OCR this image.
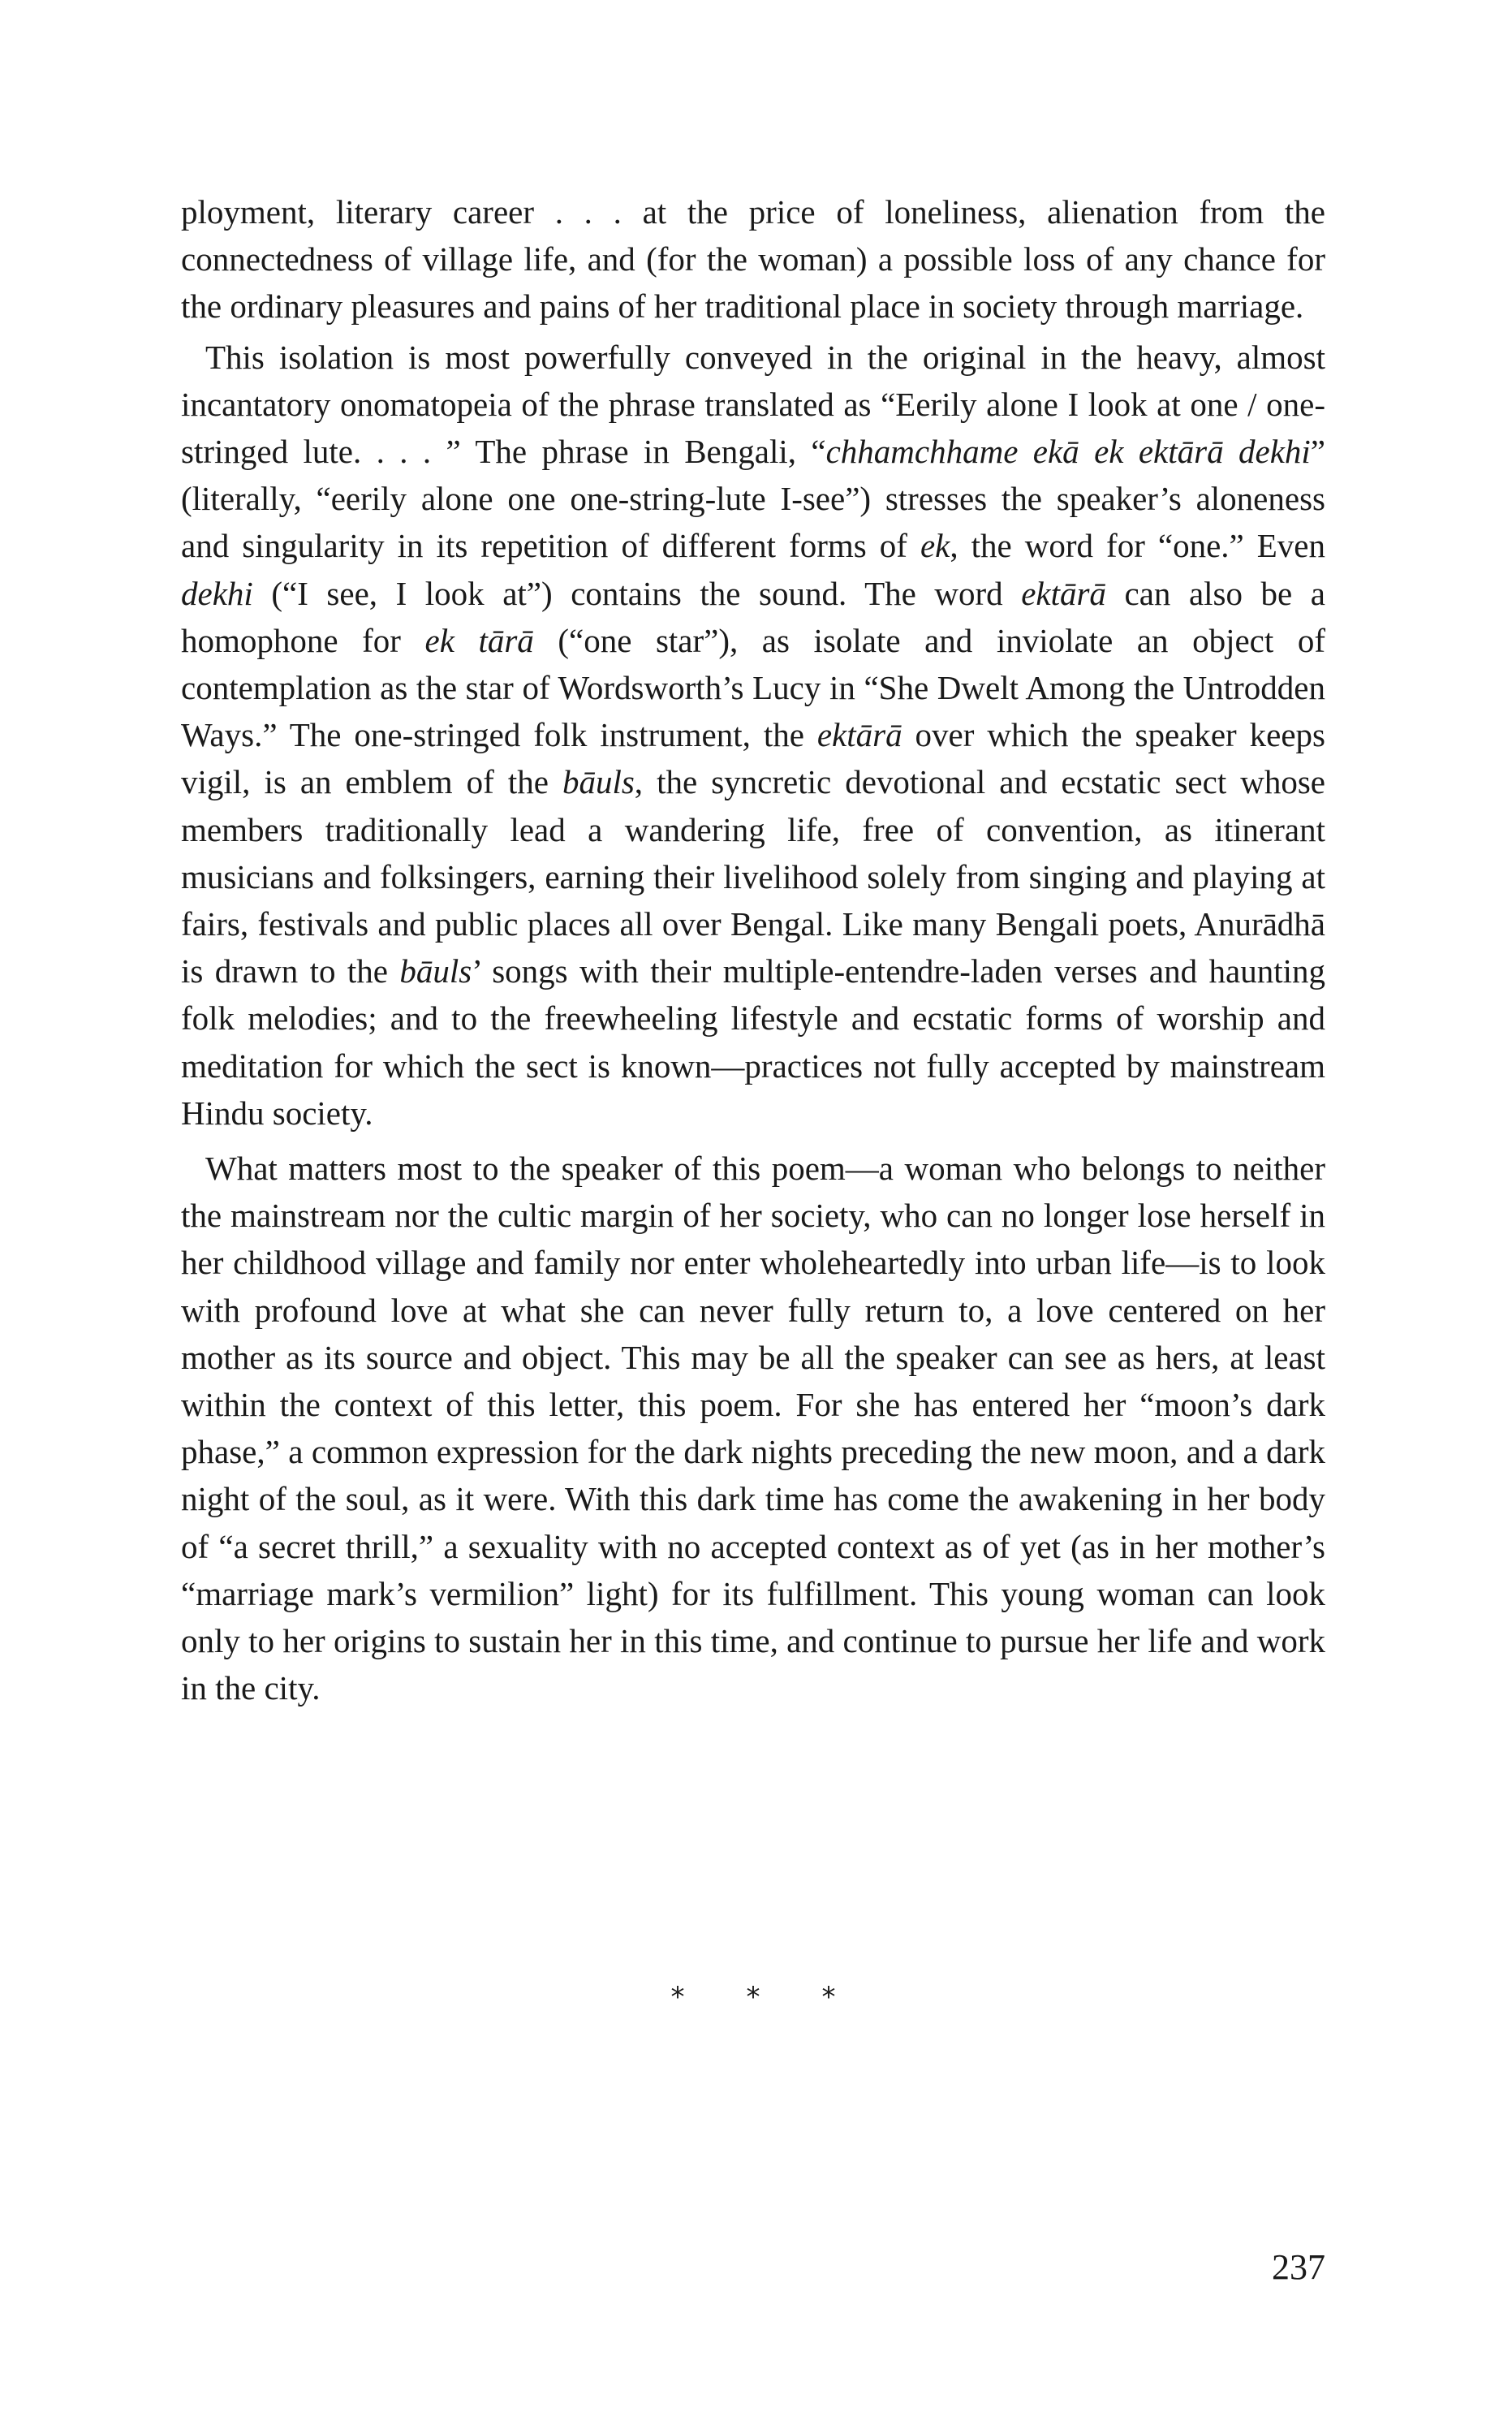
ployment, literary career . . . at the price of loneliness, alienation from the connectedness of village life, and (for the woman) a possible loss of any chance for the ordinary pleasures and pains of her traditional place in society through marriage.

This isolation is most powerfully conveyed in the original in the heavy, almost incantatory onomatopeia of the phrase translated as “Eerily alone I look at one / one-stringed lute. . . . ” The phrase in Bengali, “chhamchhame ekā ek ektārā dekhi” (literally, “eerily alone one one-string-lute I-see”) stresses the speaker’s aloneness and singularity in its repetition of different forms of ek, the word for “one.” Even dekhi (“I see, I look at”) contains the sound. The word ektārā can also be a homophone for ek tārā (“one star”), as isolate and inviolate an object of contemplation as the star of Wordsworth’s Lucy in “She Dwelt Among the Untrodden Ways.” The one-stringed folk instrument, the ektārā over which the speaker keeps vigil, is an emblem of the bāuls, the syncretic devotional and ecstatic sect whose members traditionally lead a wandering life, free of convention, as itinerant musicians and folksingers, earning their livelihood solely from singing and playing at fairs, festivals and public places all over Bengal. Like many Bengali poets, Anurādhā is drawn to the bāuls’ songs with their multiple-entendre-laden verses and haunting folk melodies; and to the freewheeling lifestyle and ecstatic forms of worship and meditation for which the sect is known—practices not fully accepted by mainstream Hindu society.

What matters most to the speaker of this poem—a woman who belongs to neither the mainstream nor the cultic margin of her society, who can no longer lose herself in her childhood village and family nor enter wholeheartedly into urban life—is to look with profound love at what she can never fully return to, a love centered on her mother as its source and object. This may be all the speaker can see as hers, at least within the context of this letter, this poem. For she has entered her “moon’s dark phase,” a common expression for the dark nights preceding the new moon, and a dark night of the soul, as it were. With this dark time has come the awakening in her body of “a secret thrill,” a sexuality with no accepted context as of yet (as in her mother’s “marriage mark’s vermilion” light) for its fulfillment. This young woman can look only to her origins to sustain her in this time, and continue to pursue her life and work in the city.

* * *
237
